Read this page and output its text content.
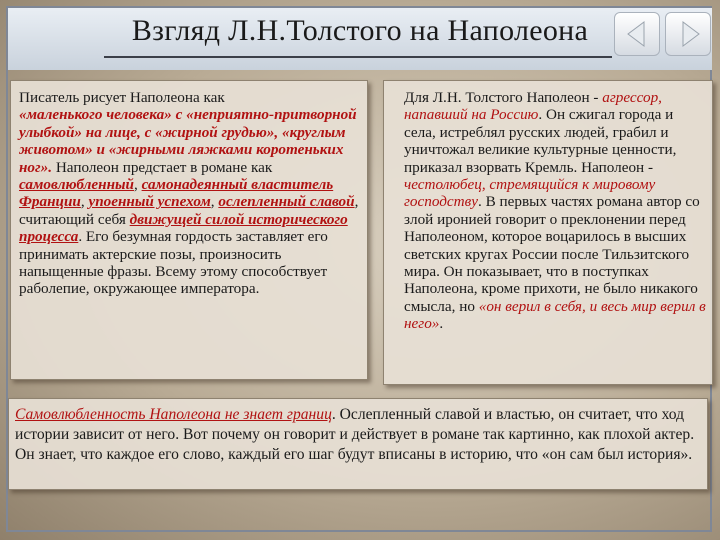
Взгляд Л.Н.Толстого на Наполеона

Писатель рисует Наполеона как
«маленького человека» с «неприятно-притворной улыбкой» на лице, с «жирной грудью», «круглым животом» и «жирными ляжками коротеньких ног». Наполеон предстает в романе как самовлюбленный, самонадеянный властитель Франции, упоенный успехом, ослепленный славой, считающий себя движущей силой исторического процесса. Его безумная гордость заставляет его принимать актерские позы, произносить напыщенные фразы. Всему этому способствует раболепие, окружающее императора.

Для Л.Н. Толстого Наполеон - агрессор, напавший на Россию. Он сжигал города и села, истреблял русских людей, грабил и уничтожал великие культурные ценности, приказал взорвать Кремль. Наполеон - честолюбец, стремящийся к мировому господству. В первых частях романа автор со злой иронией говорит о преклонении перед Наполеоном, которое воцарилось в высших светских кругах России после Тильзитского мира. Он показывает, что в поступках Наполеона, кроме прихоти, не было никакого смысла, но «он верил в себя, и весь мир верил в него».

Самовлюбленность Наполеона не знает границ. Ослепленный славой и властью, он считает, что ход истории зависит от него. Вот почему он говорит и действует в романе так картинно, как плохой актер. Он знает, что каждое его слово, каждый его шаг будут вписаны в историю, что «он сам был история».
